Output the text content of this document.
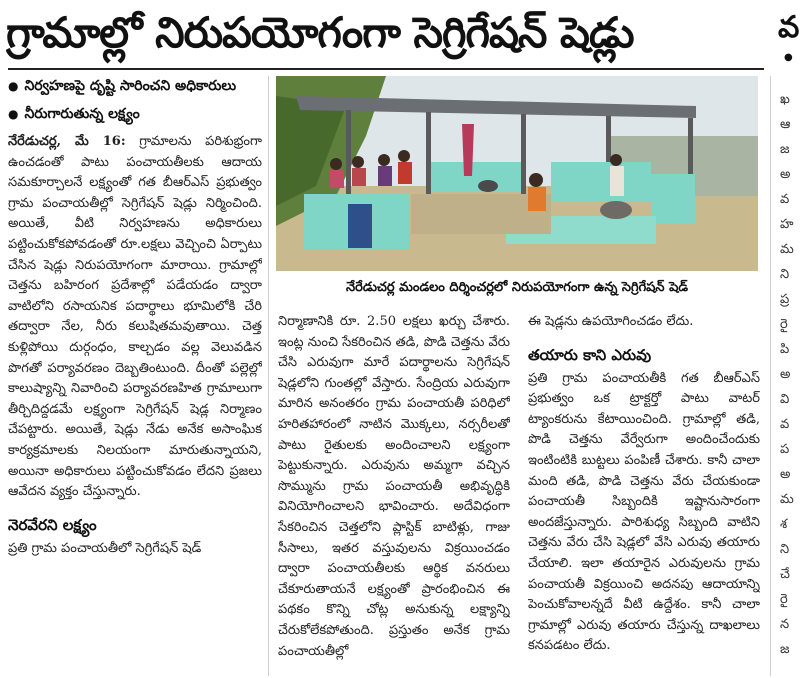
గ్రామాల్లో నిరుపయోగంగా సెగ్రిగేషన్ షెడ్లు
● నిర్వహణపై దృష్టి సారించని అధికారులు
● నీరుగారుతున్న లక్ష్యం

నేరేడుచర్ల, మే 16: గ్రామాలను పరిశుభ్రంగా ఉంచడంతో పాటు పంచాయతీలకు ఆదాయ సమకూర్చాలనే లక్ష్యంతో గత బీఆర్ఎస్ ప్రభుత్వం గ్రామ పంచాయతీల్లో సెగ్రిగేషన్ షెడ్లు నిర్మించింది. అయితే, వీటి నిర్వహణను అధికారులు పట్టించుకోకపోవడంతో రూ.లక్షలు వెచ్చించి ఏర్పాటు చేసిన షెడ్లు నిరుపయోగంగా మారాయి. గ్రామాల్లో చెత్తను బహిరంగ ప్రదేశాల్లో పడేయడం ద్వారా వాటిలోని రసాయనిక పదార్థాలు భూమిలోకి చేరి తద్వారా నేల, నీరు కలుషితమవుతాయి. చెత్త కుళ్లిపోయి దుర్గంధం, కాల్చడం వల్ల వెలువడిన పొగతో పర్యావరణం దెబ్బతింటుంది. దీంతో పల్లెల్లో కాలుష్యాన్ని నివారించి పర్యావరణహిత గ్రామాలుగా తీర్చిదిద్దడమే లక్ష్యంగా సెగ్రిగేషన్ షెడ్ల నిర్మాణం చేపట్టారు. అయితే, షెడ్లు నేడు అనేక అసాంఘిక కార్యక్రమాలకు నిలయంగా మారుతున్నాయని, అయినా అధికారులు పట్టించుకోవడం లేదని ప్రజలు ఆవేదన వ్యక్తం చేస్తున్నారు.

నెరవేరని లక్ష్యం

ప్రతి గ్రామ పంచాయతీలో సెగ్రిగేషన్ షెడ్

నేరేడుచర్ల మండలం దిర్శించర్లలో నిరుపయోగంగా ఉన్న సెగ్రిగేషన్ షెడ్

నిర్మాణానికి రూ. 2.50 లక్షలు ఖర్చు చేశారు. ఇంట్ల నుంచి సేకరించిన తడి, పొడి చెత్తను వేరు చేసి ఎరువుగా మారే పదార్థాలను సెగ్రిగేషన్ షెడ్లలోని గుంతల్లో వేస్తారు. సేంద్రియ ఎరువుగా మారిన అనంతరం గ్రామ పంచాయతీ పరిధిలో హరితహారంలో నాటిన మొక్కలు, నర్సరీలతో పాటు రైతులకు అందించాలని లక్ష్యంగా పెట్టుకున్నారు. ఎరువును అమ్మగా వచ్చిన సొమ్మును గ్రామ పంచాయతీ అభివృద్ధికి వినియోగించాలని భావించారు. అదేవిధంగా సేకరించిన చెత్తలోని ప్లాస్టిక్ బాటిళ్లు, గాజు సీసాలు, ఇతర వస్తువులను విక్రయించడం ద్వారా పంచాయతీలకు ఆర్థిక వనరులు చేకూరుతాయనే లక్ష్యంతో ప్రారంభించిన ఈ పథకం కొన్ని చోట్ల అనుకున్న లక్ష్యాన్ని చేరుకోలేకపోతుంది. ప్రస్తుతం అనేక గ్రామ పంచాయతీల్లో

ఈ షెడ్లను ఉపయోగించడం లేదు.

తయారు కాని ఎరువు

ప్రతి గ్రామ పంచాయతీకి గత బీఆర్ఎస్ ప్రభుత్వం ఒక ట్రాక్టర్తో పాటు వాటర్ ట్యాంకరును కేటాయించింది. గ్రామాల్లో తడి, పొడి చెత్తను వేర్వేరుగా అందించేందుకు ఇంటింటికి బుట్టలు పంపిణీ చేశారు. కానీ చాలా మంది తడి, పొడి చెత్తను వేరు చేయకుండా పంచాయతీ సిబ్బందికి ఇష్టానుసారంగా అందజేస్తున్నారు. పారిశుధ్య సిబ్బంది వాటిని చెత్తను వేరు చేసి షెడ్లలో వేసి ఎరువు తయారు చేయాలి. ఇలా తయారైన ఎరువులను గ్రామ పంచాయతీ విక్రయించి అదనపు ఆదాయాన్ని పెంచుకోవాలన్నదే వీటి ఉద్దేశం. కానీ చాలా గ్రామాల్లో ఎరువు తయారు చేస్తున్న దాఖలాలు కనపడటం లేదు.

వ
●
ఖ
ఆ
జ
అ
వ
హ
మ
ని
ప్ర
రై
పి
అ
వి
వ
ప
అ
మ
శ
ని
చే
రై
న
జ
